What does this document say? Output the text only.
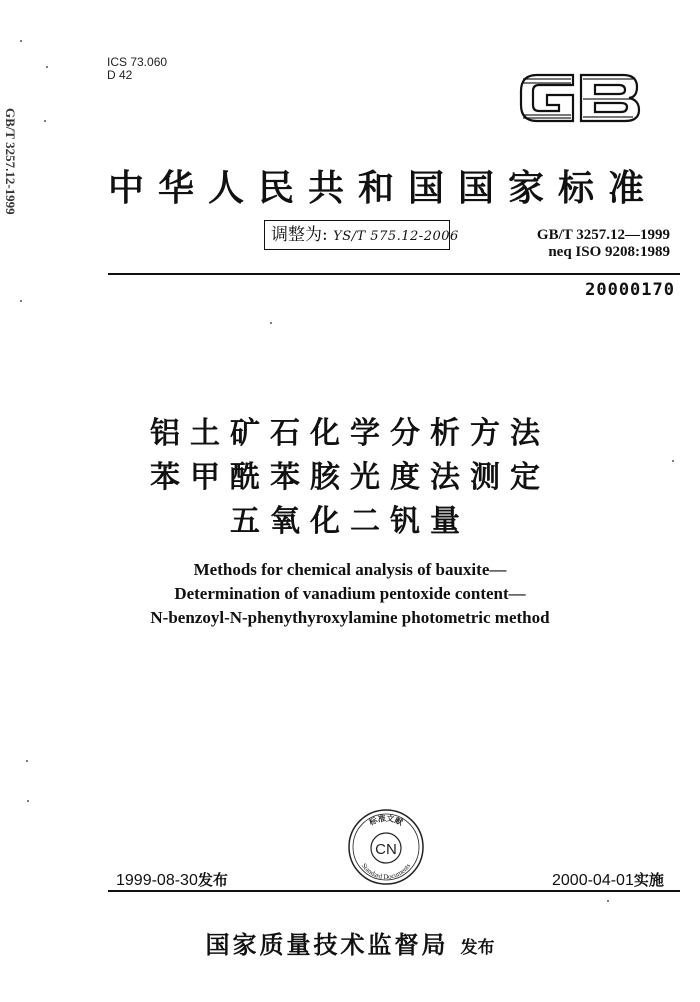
GB/T 3257.12-1999
ICS 73.060
D 42
中华人民共和国国家标准
调整为: YS/T 575.12-2006	GB/T 3257.12—1999
neq ISO 9208:1989
20000170
铝土矿石化学分析方法
苯甲酰苯胲光度法测定
五氧化二钒量
Methods for chemical analysis of bauxite—
Determination of vanadium pentoxide content—
N-benzoyl-N-phenythyroxylamine photometric method
CN
标准文献
Standard Documents
1999-08-30发布	2000-04-01实施
国家质量技术监督局 发布
